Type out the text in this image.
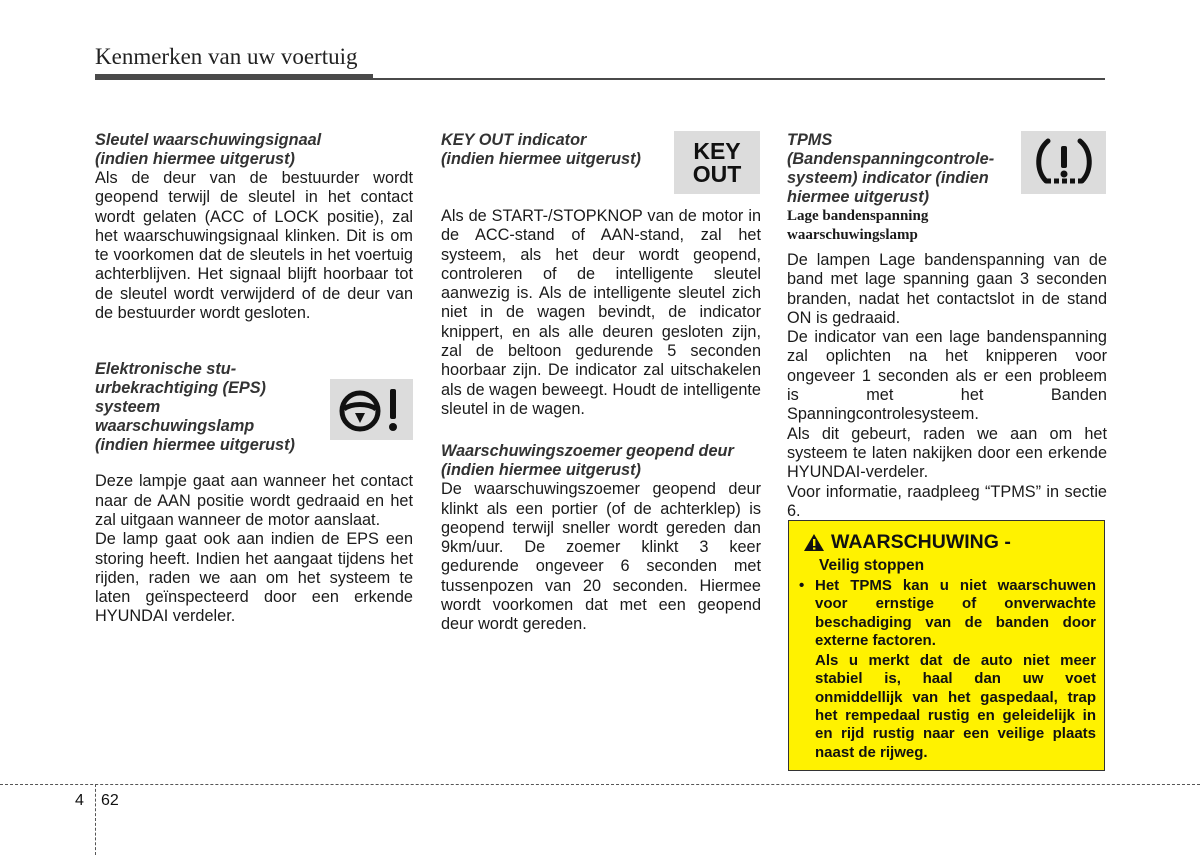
Kenmerken van uw voertuig
Sleutel waarschuwingsignaal
(indien hiermee uitgerust)

Als de deur van de bestuurder wordt geopend terwijl de sleutel in het contact wordt gelaten (ACC of LOCK positie), zal het waarschuwingsignaal klinken. Dit is om te voorkomen dat de sleutels in het voertuig achterblijven. Het signaal blijft hoorbaar tot de sleutel wordt verwijderd of de deur van de bestuurder wordt gesloten.

Elektronische stu-
urbekrachtiging (EPS)
systeem
waarschuwingslamp
(indien hiermee uitgerust)

Deze lampje gaat aan wanneer het contact naar de AAN positie wordt gedraaid en het zal uitgaan wanneer de motor aanslaat.

De lamp gaat ook aan indien de EPS een storing heeft. Indien het aangaat tijdens het rijden, raden we aan om het systeem te laten geïnspecteerd door een erkende HYUNDAI verdeler.

KEY OUT indicator
(indien hiermee uitgerust)

Als de START-/STOPKNOP van de motor in de ACC-stand of AAN-stand, zal het systeem, als het deur wordt geopend, controleren of de intelligente sleutel aanwezig is. Als de intelligente sleutel zich niet in de wagen bevindt, de indicator knippert, en als alle deuren gesloten zijn, zal de beltoon gedurende 5 seconden hoorbaar zijn. De indicator zal uitschakelen als de wagen beweegt. Houdt de intelligente sleutel in de wagen.

Waarschuwingszoemer geopend deur
(indien hiermee uitgerust)

De waarschuwingszoemer geopend deur klinkt als een portier (of de achterklep) is geopend terwijl sneller wordt gereden dan 9km/uur. De zoemer klinkt 3 keer gedurende ongeveer 6 seconden met tussenpozen van 20 seconden. Hiermee wordt voorkomen dat met een geopend deur wordt gereden.

KEY
OUT
TPMS
(Bandenspanningcontrole-
systeem) indicator (indien
hiermee uitgerust)
Lage bandenspanning
waarschuwingslamp

De lampen Lage bandenspanning van de band met lage spanning gaan 3 seconden branden, nadat het contactslot in de stand ON is gedraaid.

De indicator van een lage bandenspanning zal oplichten na het knipperen voor ongeveer 1 seconden als er een probleem is met het Banden Spanningcontrolesysteem.

Als dit gebeurt, raden we aan om het systeem te laten nakijken door een erkende HYUNDAI-verdeler.

Voor informatie, raadpleeg “TPMS” in sectie 6.

WAARSCHUWING -
Veilig stoppen
• Het TPMS kan u niet waarschuwen voor ernstige of onverwachte beschadiging van de banden door externe factoren.
Als u merkt dat de auto niet meer stabiel is, haal dan uw voet onmiddellijk van het gaspedaal, trap het rempedaal rustig en geleidelijk in en rijd rustig naar een veilige plaats naast de rijweg.
4 62
